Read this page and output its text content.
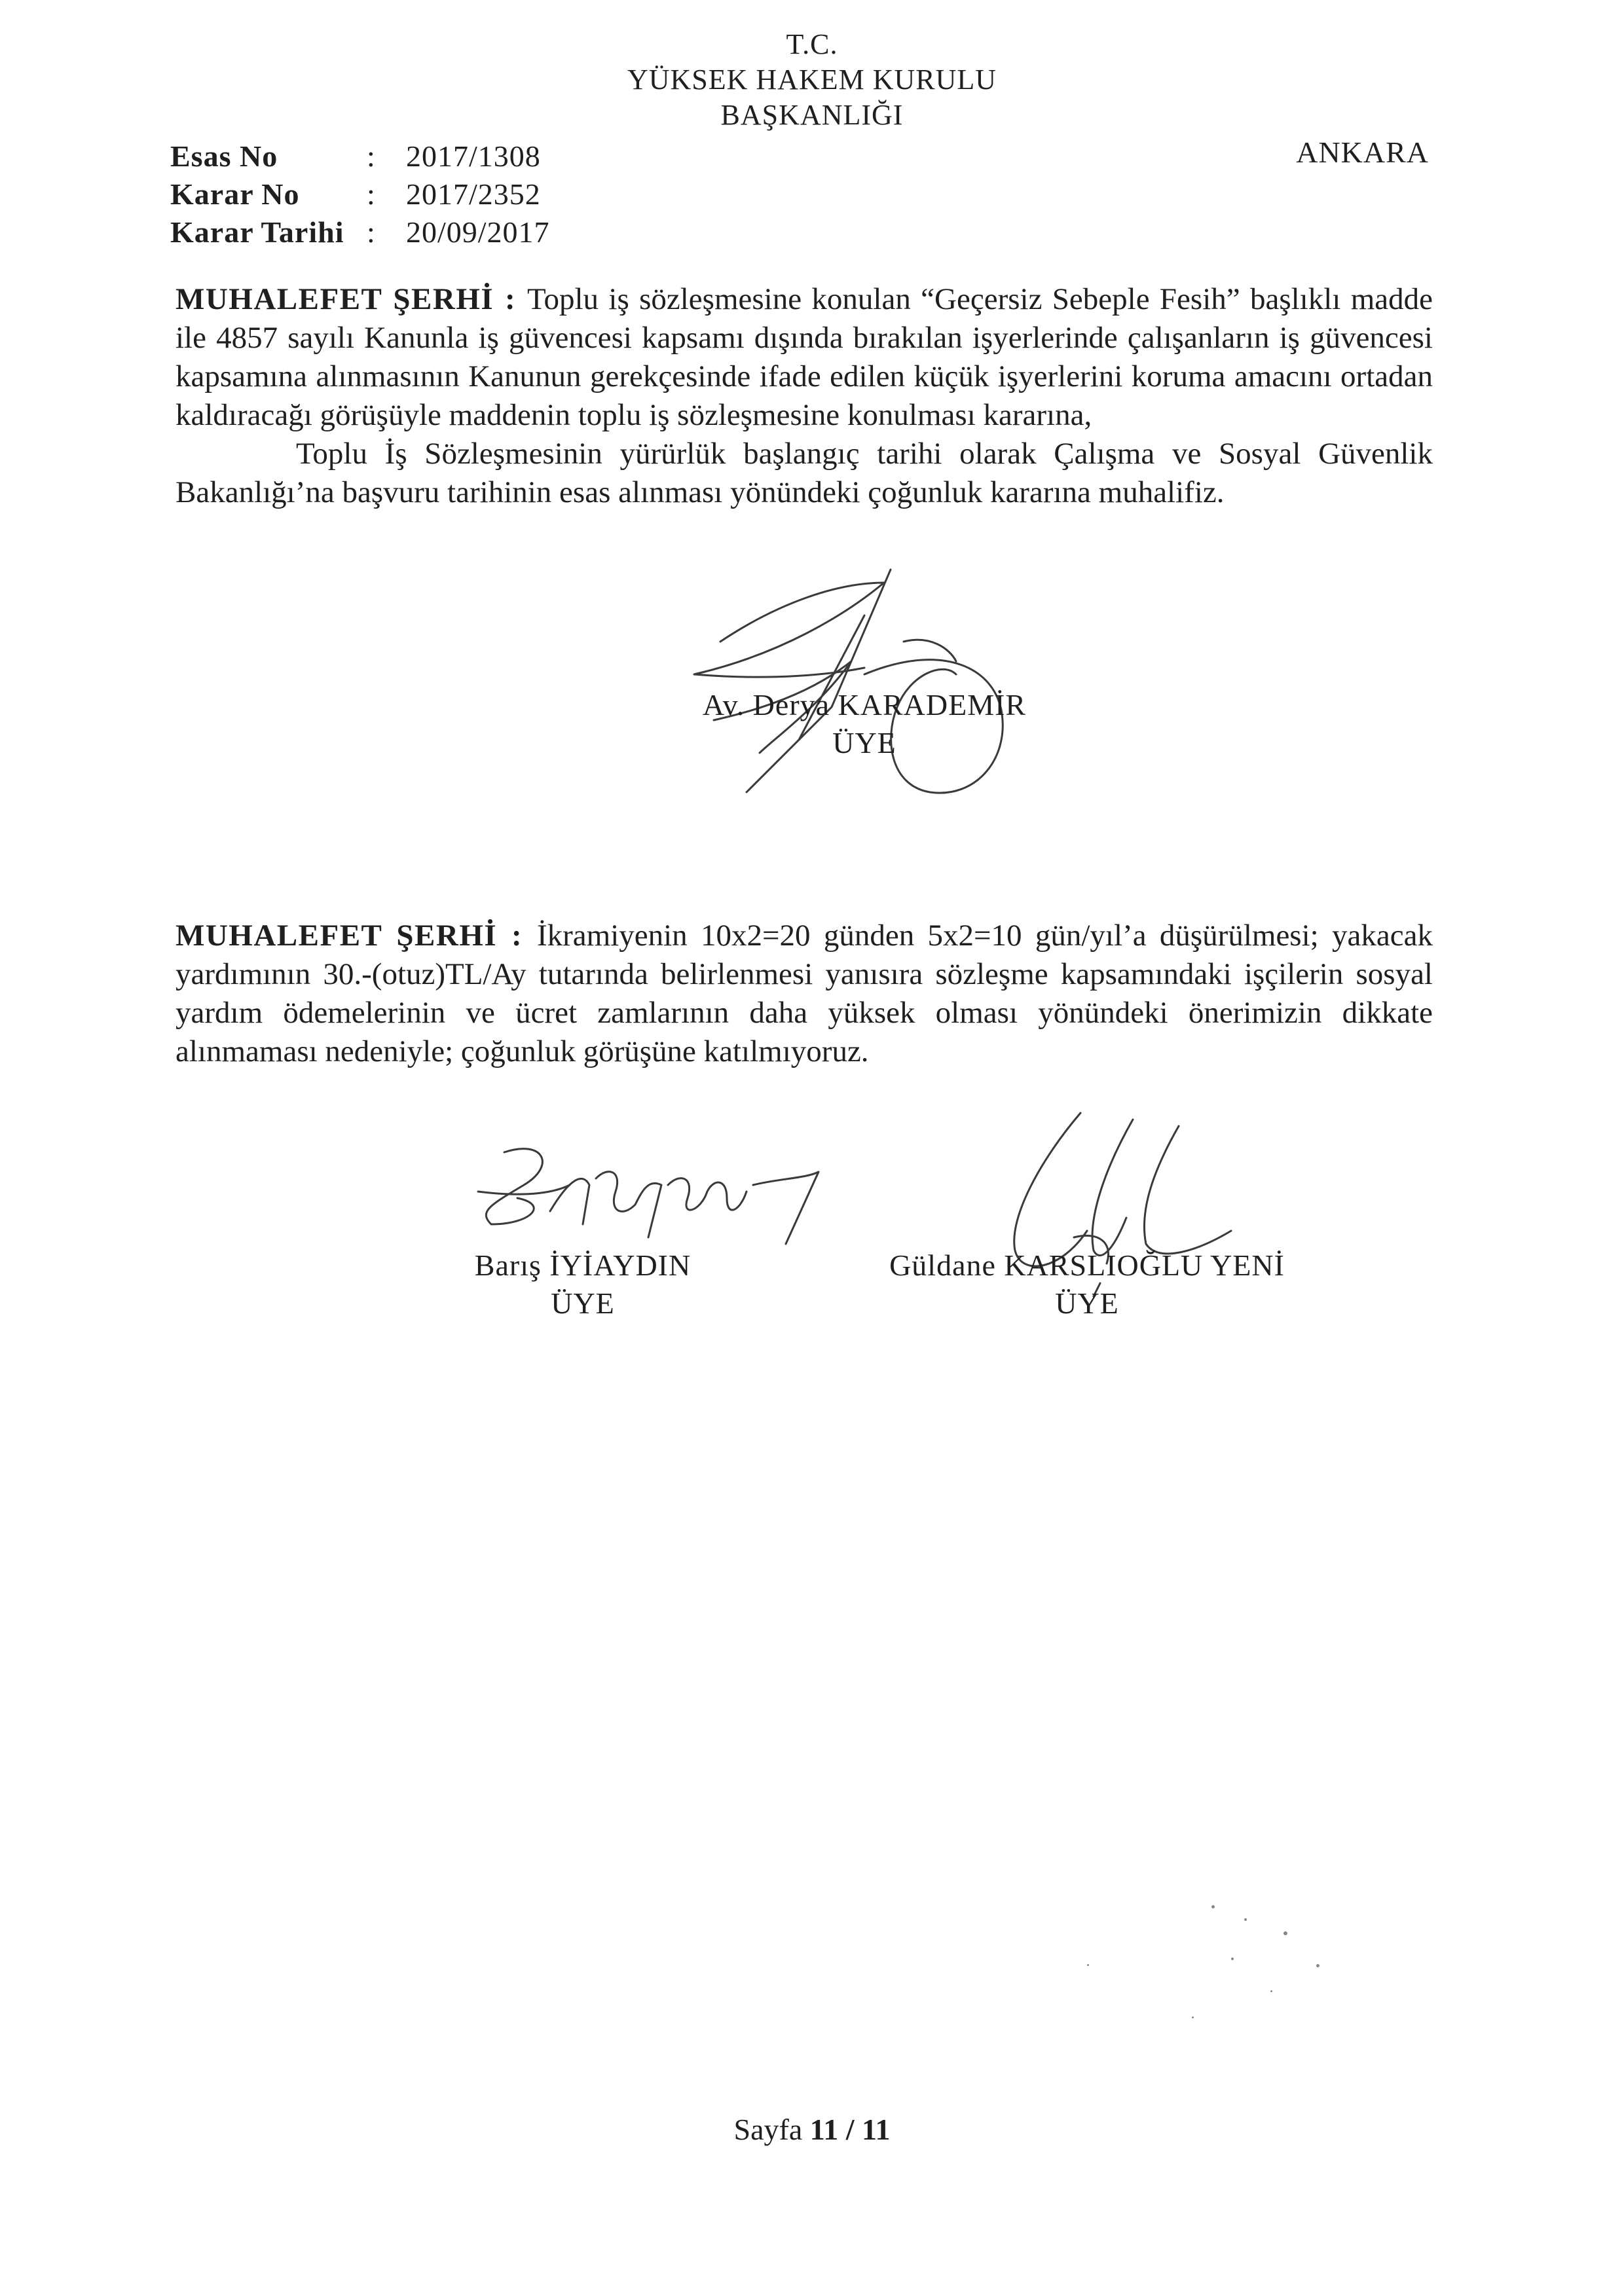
T.C.
YÜKSEK HAKEM KURULU
BAŞKANLIĞI
Esas No	:	2017/1308
Karar No	:	2017/2352
Karar Tarihi :	20/09/2017
ANKARA

MUHALEFET ŞERHİ : Toplu iş sözleşmesine konulan “Geçersiz Sebeple Fesih” başlıklı madde ile 4857 sayılı Kanunla iş güvencesi kapsamı dışında bırakılan işyerlerinde çalışanların iş güvencesi kapsamına alınmasının Kanunun gerekçesinde ifade edilen küçük işyerlerini koruma amacını ortadan kaldıracağı görüşüyle maddenin toplu iş sözleşmesine konulması kararına,

Toplu İş Sözleşmesinin yürürlük başlangıç tarihi olarak Çalışma ve Sosyal Güvenlik Bakanlığı’na başvuru tarihinin esas alınması yönündeki çoğunluk kararına muhalifiz.

Av. Derya KARADEMİR
ÜYE

MUHALEFET ŞERHİ : İkramiyenin 10x2=20 günden 5x2=10 gün/yıl’a düşürülmesi; yakacak yardımının 30.-(otuz)TL/Ay tutarında belirlenmesi yanısıra sözleşme kapsamındaki işçilerin sosyal yardım ödemelerinin ve ücret zamlarının daha yüksek olması yönündeki önerimizin dikkate alınmaması nedeniyle; çoğunluk görüşüne katılmıyoruz.

Barış İYİAYDIN
ÜYE
Güldane KARSLIOĞLU YENİ
ÜYE
Sayfa 11 / 11
